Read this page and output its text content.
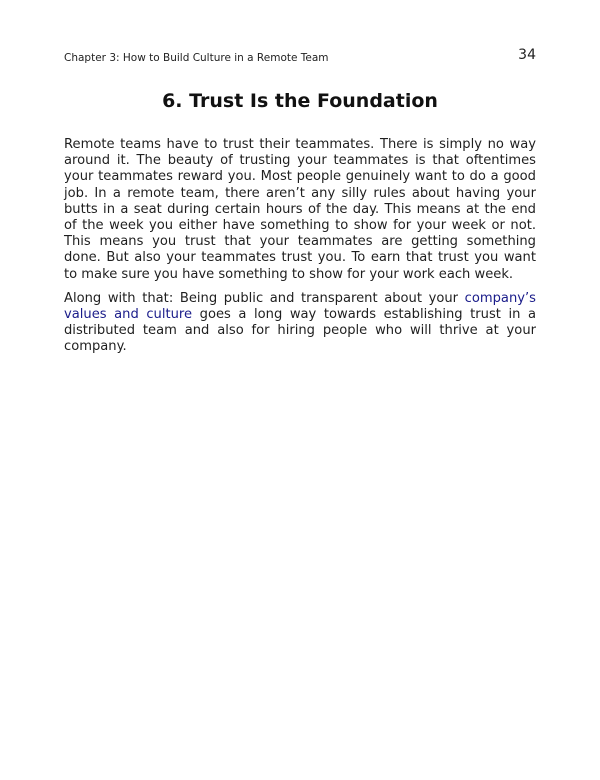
Chapter 3: How to Build Culture in a Remote Team	34
6. Trust Is the Foundation

Remote teams have to trust their teammates. There is simply no way around it. The beauty of trusting your teammates is that oftentimes your teammates reward you. Most people genuinely want to do a good job. In a remote team, there aren’t any silly rules about having your butts in a seat during certain hours of the day. This means at the end of the week you either have something to show for your week or not. This means you trust that your teammates are getting something done. But also your teammates trust you. To earn that trust you want to make sure you have something to show for your work each week.

Along with that: Being public and transparent about your company’s values and culture goes a long way towards establishing trust in a distributed team and also for hiring people who will thrive at your company.
